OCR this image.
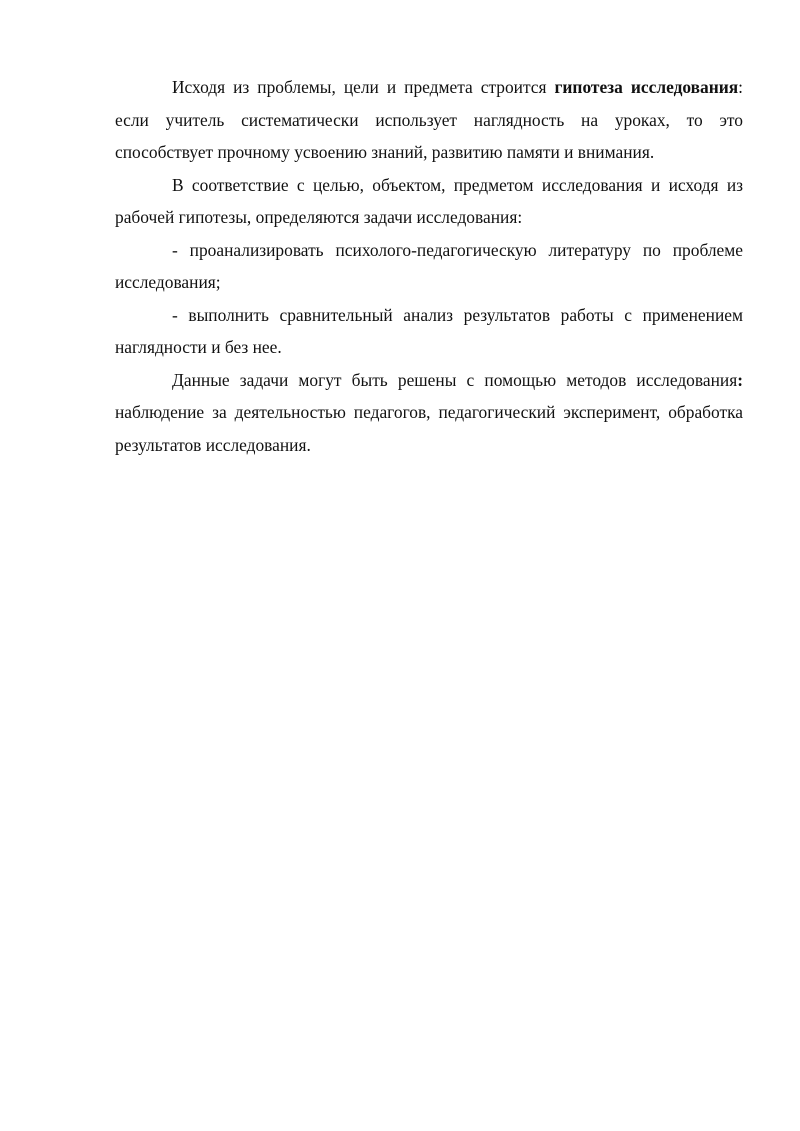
Исходя из проблемы, цели и предмета строится гипотеза исследования: если учитель систематически использует наглядность на уроках, то это способствует прочному усвоению знаний, развитию памяти и внимания.

В соответствие с целью, объектом, предметом исследования и исходя из рабочей гипотезы, определяются задачи исследования:

- проанализировать психолого-педагогическую литературу по проблеме исследования;

- выполнить сравнительный анализ результатов работы с применением наглядности и без нее.

Данные задачи могут быть решены с помощью методов исследования: наблюдение за деятельностью педагогов, педагогический эксперимент, обработка результатов исследования.
